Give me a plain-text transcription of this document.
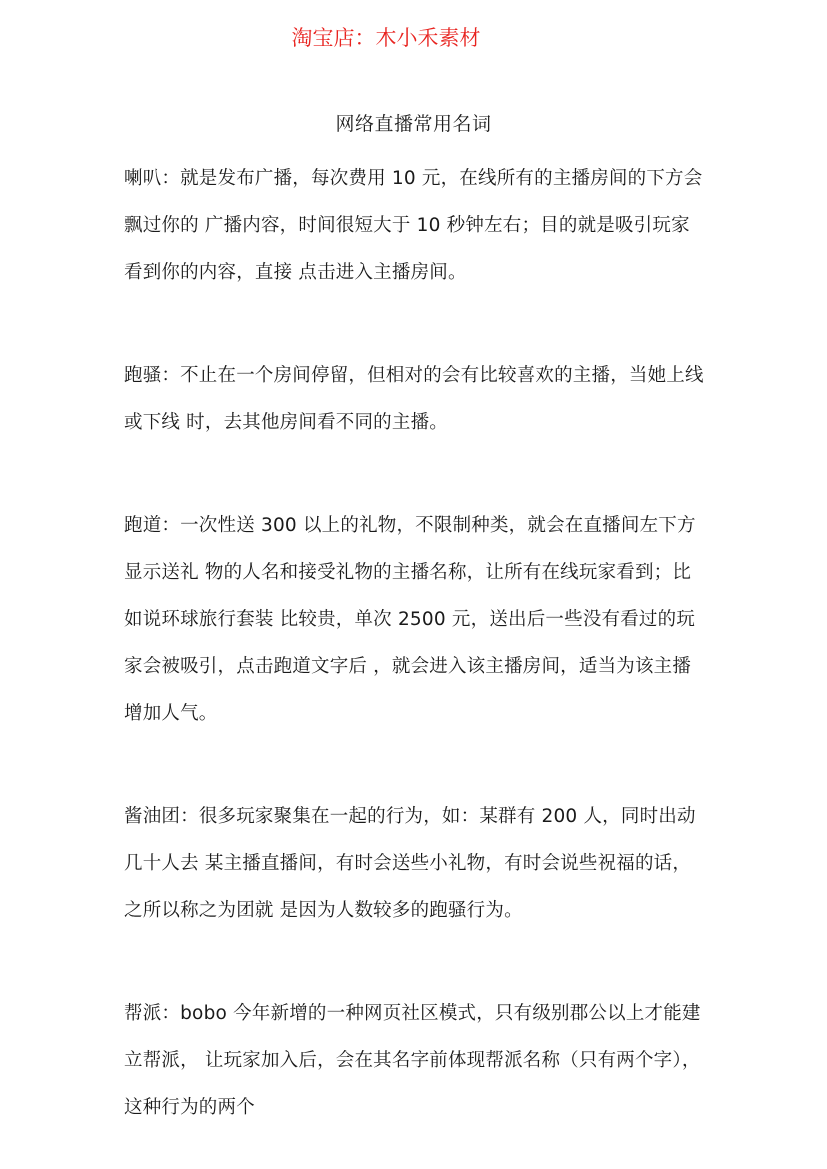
淘宝店：木小禾素材
网络直播常用名词

喇叭：就是发布广播，每次费用 10 元，在线所有的主播房间的下方会飘过你的 广播内容，时间很短大于 10 秒钟左右；目的就是吸引玩家看到你的内容，直接 点击进入主播房间。

跑骚：不止在一个房间停留，但相对的会有比较喜欢的主播，当她上线或下线 时，去其他房间看不同的主播。

跑道：一次性送 300 以上的礼物，不限制种类，就会在直播间左下方显示送礼 物的人名和接受礼物的主播名称，让所有在线玩家看到；比如说环球旅行套装 比较贵，单次 2500 元，送出后一些没有看过的玩家会被吸引，点击跑道文字后 ，就会进入该主播房间，适当为该主播增加人气。

酱油团：很多玩家聚集在一起的行为，如：某群有 200 人，同时出动几十人去 某主播直播间，有时会送些小礼物，有时会说些祝福的话，之所以称之为团就 是因为人数较多的跑骚行为。

帮派：bobo 今年新增的一种网页社区模式，只有级别郡公以上才能建立帮派， 让玩家加入后，会在其名字前体现帮派名称（只有两个字），这种行为的两个
